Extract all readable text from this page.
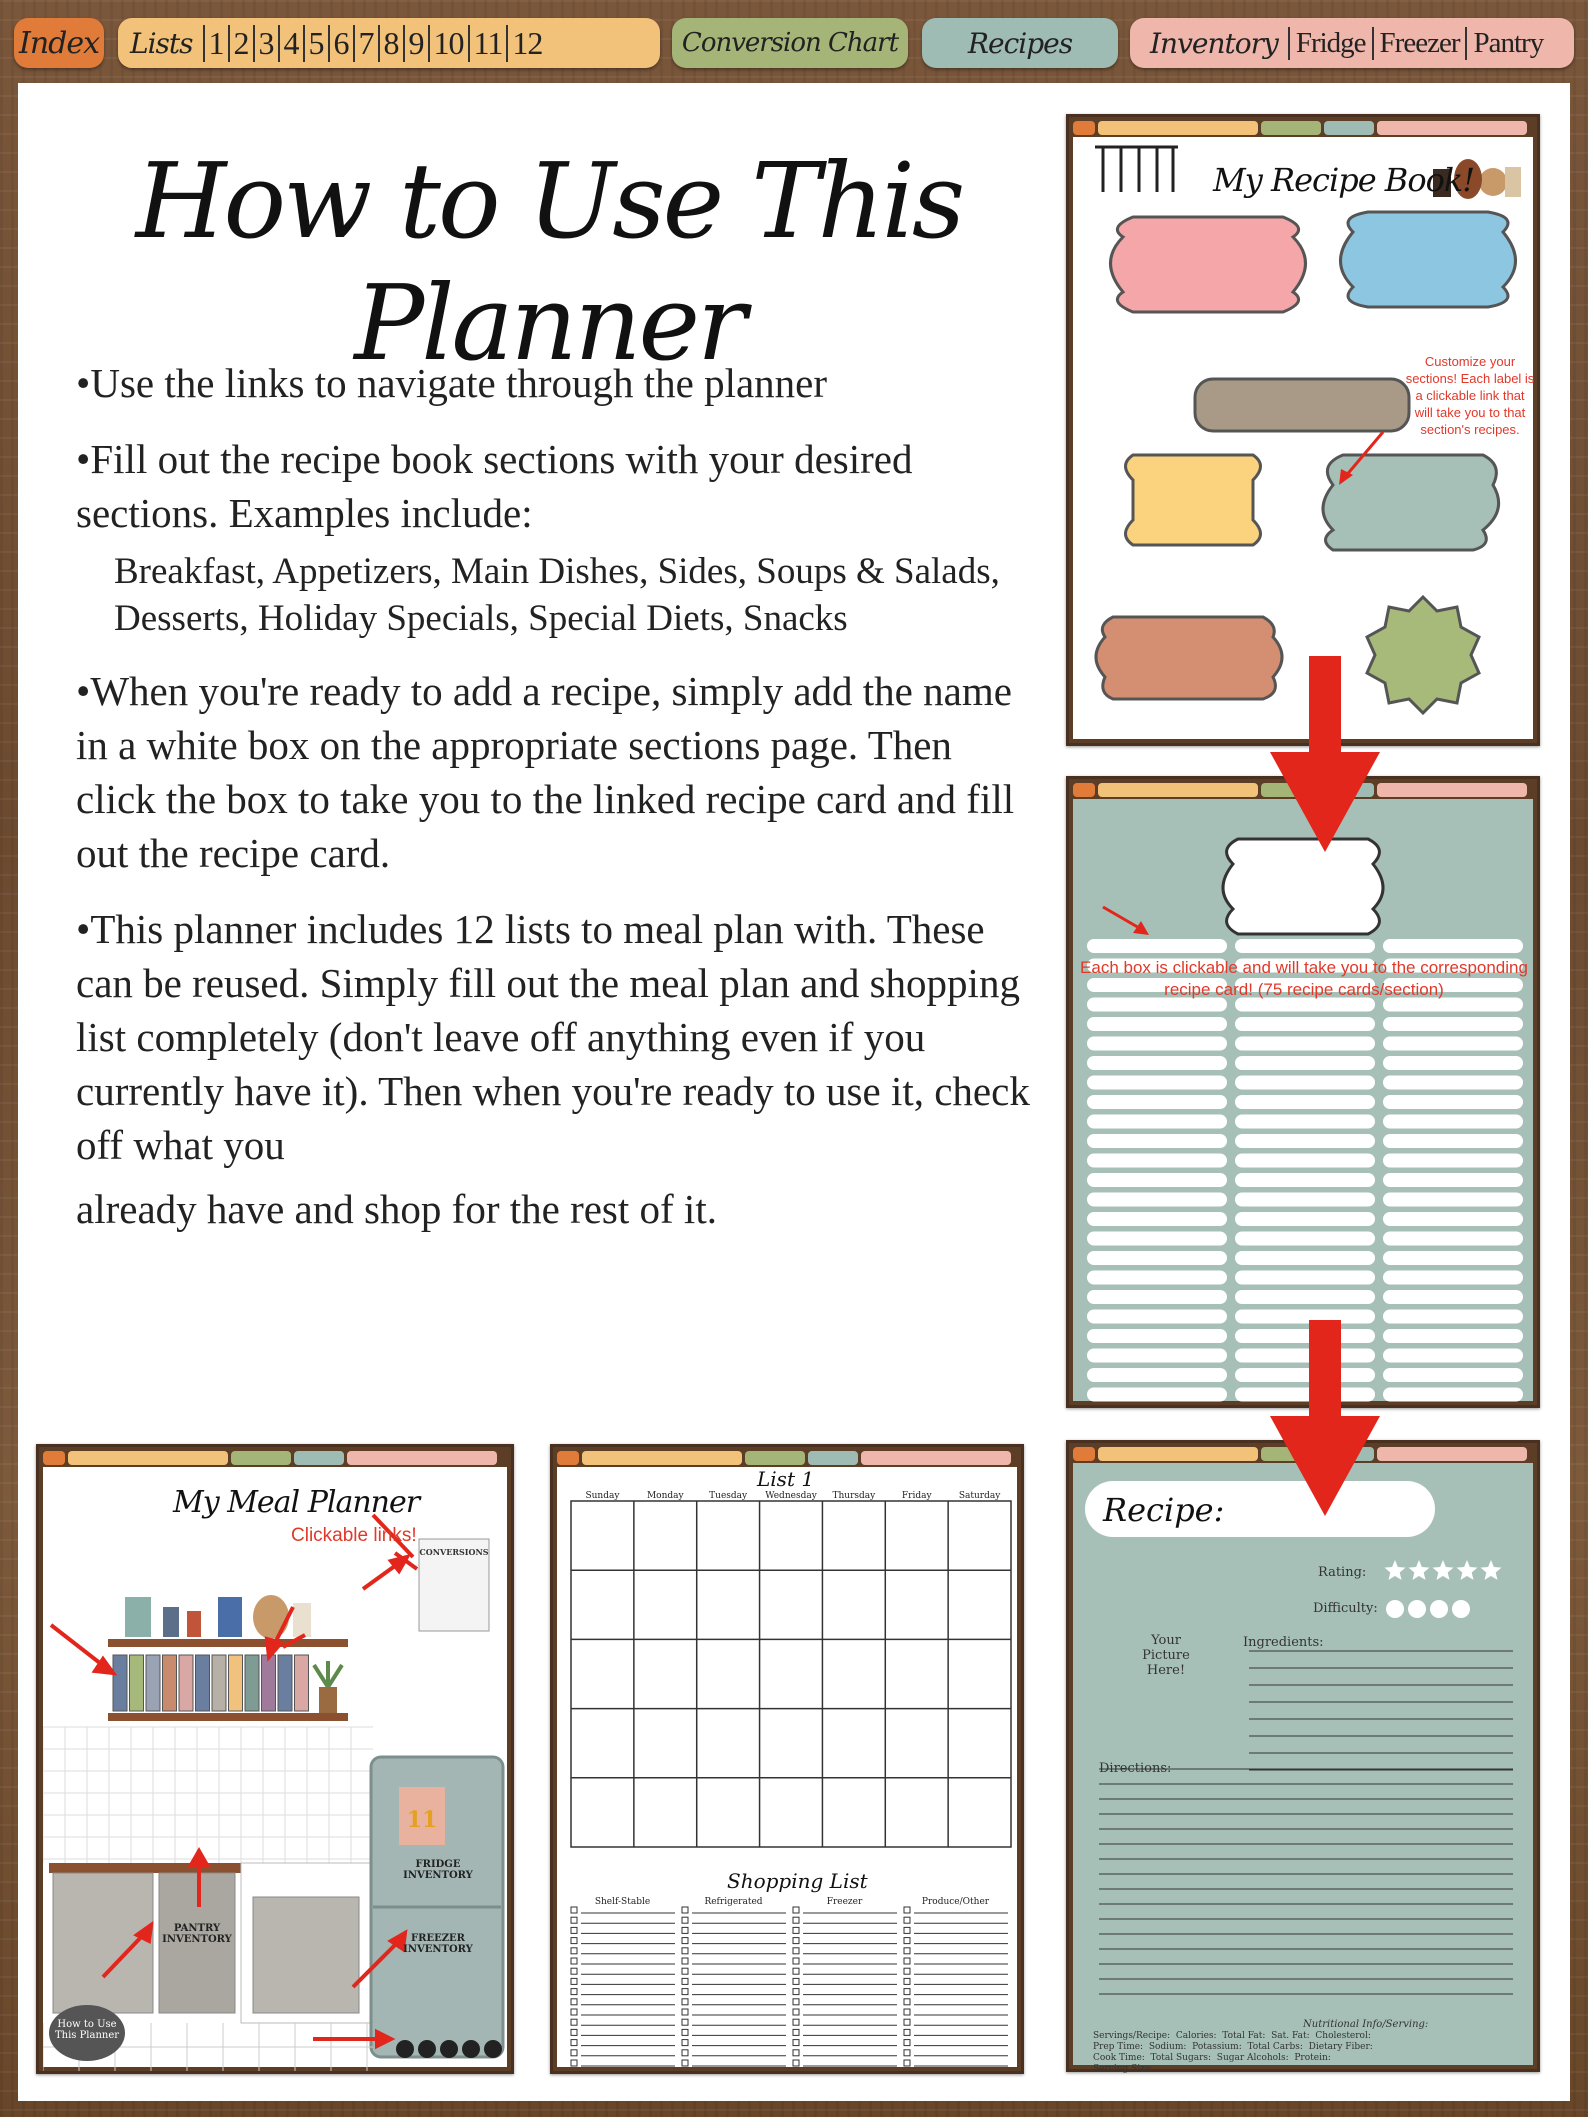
Index Lists 1 2 3 4 5 6 7 8 9 10 11 12	Conversion Chart	Recipes	Inventory Fridge Freezer Pantry
How to Use This Planner

•Use the links to navigate through the planner

•Fill out the recipe book sections with your desired sections. Examples include:

Breakfast, Appetizers, Main Dishes, Sides, Soups & Salads, Desserts, Holiday Specials, Special Diets, Snacks

•When you're ready to add a recipe, simply add the name in a white box on the appropriate sections page. Then click the box to take you to the linked recipe card and fill out the recipe card.

•This planner includes 12 lists to meal plan with. These can be reused. Simply fill out the meal plan and shopping list completely (don't leave off anything even if you currently have it). Then when you're ready to use it, check off what you

already have and shop for the rest of it.

My Recipe Book!
Customize your sections! Each label is a clickable link that will take you to that section's recipes.
Each box is clickable and will take you to the corresponding recipe card! (75 recipe cards/section)
Recipe:
Rating:
Difficulty:
Your Picture Here!
Ingredients:
Directions:
Nutritional Info/Serving:
Servings/Recipe: Calories: Total Fat: Sat. Fat: Cholesterol:
Prep Time: Sodium: Potassium: Total Carbs: Dietary Fiber:
Cook Time: Total Sugars: Sugar Alcohols: Protein:
Serving Size:
My Meal Planner
Clickable links!
CONVERSIONS
11
FRIDGE INVENTORY
FREEZER INVENTORY
PANTRY INVENTORY
How to Use This Planner
List 1
Sunday	Monday	Tuesday	Wednesday	Thursday	Friday	Saturday
Shopping List
Shelf-Stable	Refrigerated	Freezer	Produce/Other
